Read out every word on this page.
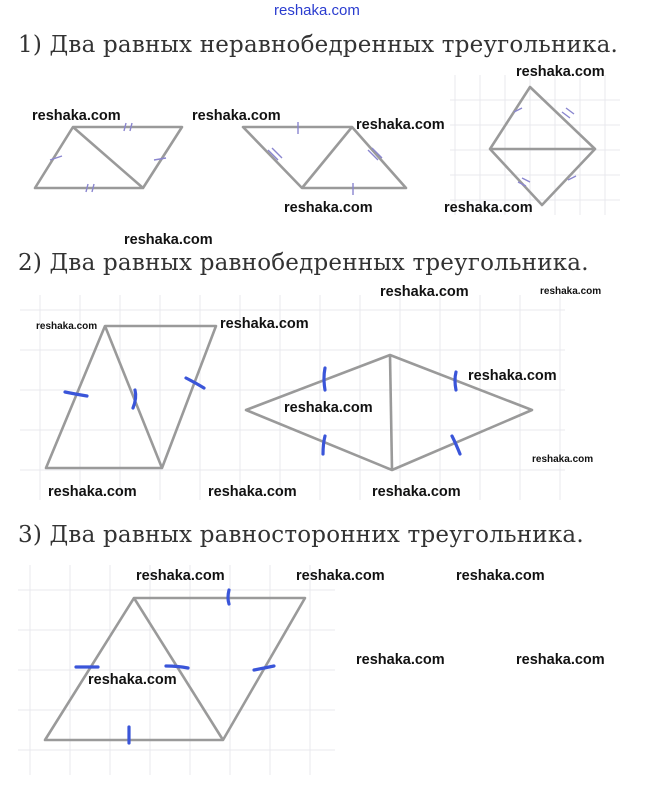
reshaka.com
1) Два равных неравнобедренных треугольника.
2) Два равных равнобедренных треугольника.
3) Два равных равносторонних треугольника.
reshaka.com
reshaka.com	reshaka.com
reshaka.com
reshaka.com	reshaka.com
reshaka.com
reshaka.com	reshaka.com
reshaka.com	reshaka.com
reshaka.com
reshaka.com
reshaka.com
reshaka.com	reshaka.com	reshaka.com
reshaka.com	reshaka.com	reshaka.com
reshaka.com	reshaka.com
reshaka.com
